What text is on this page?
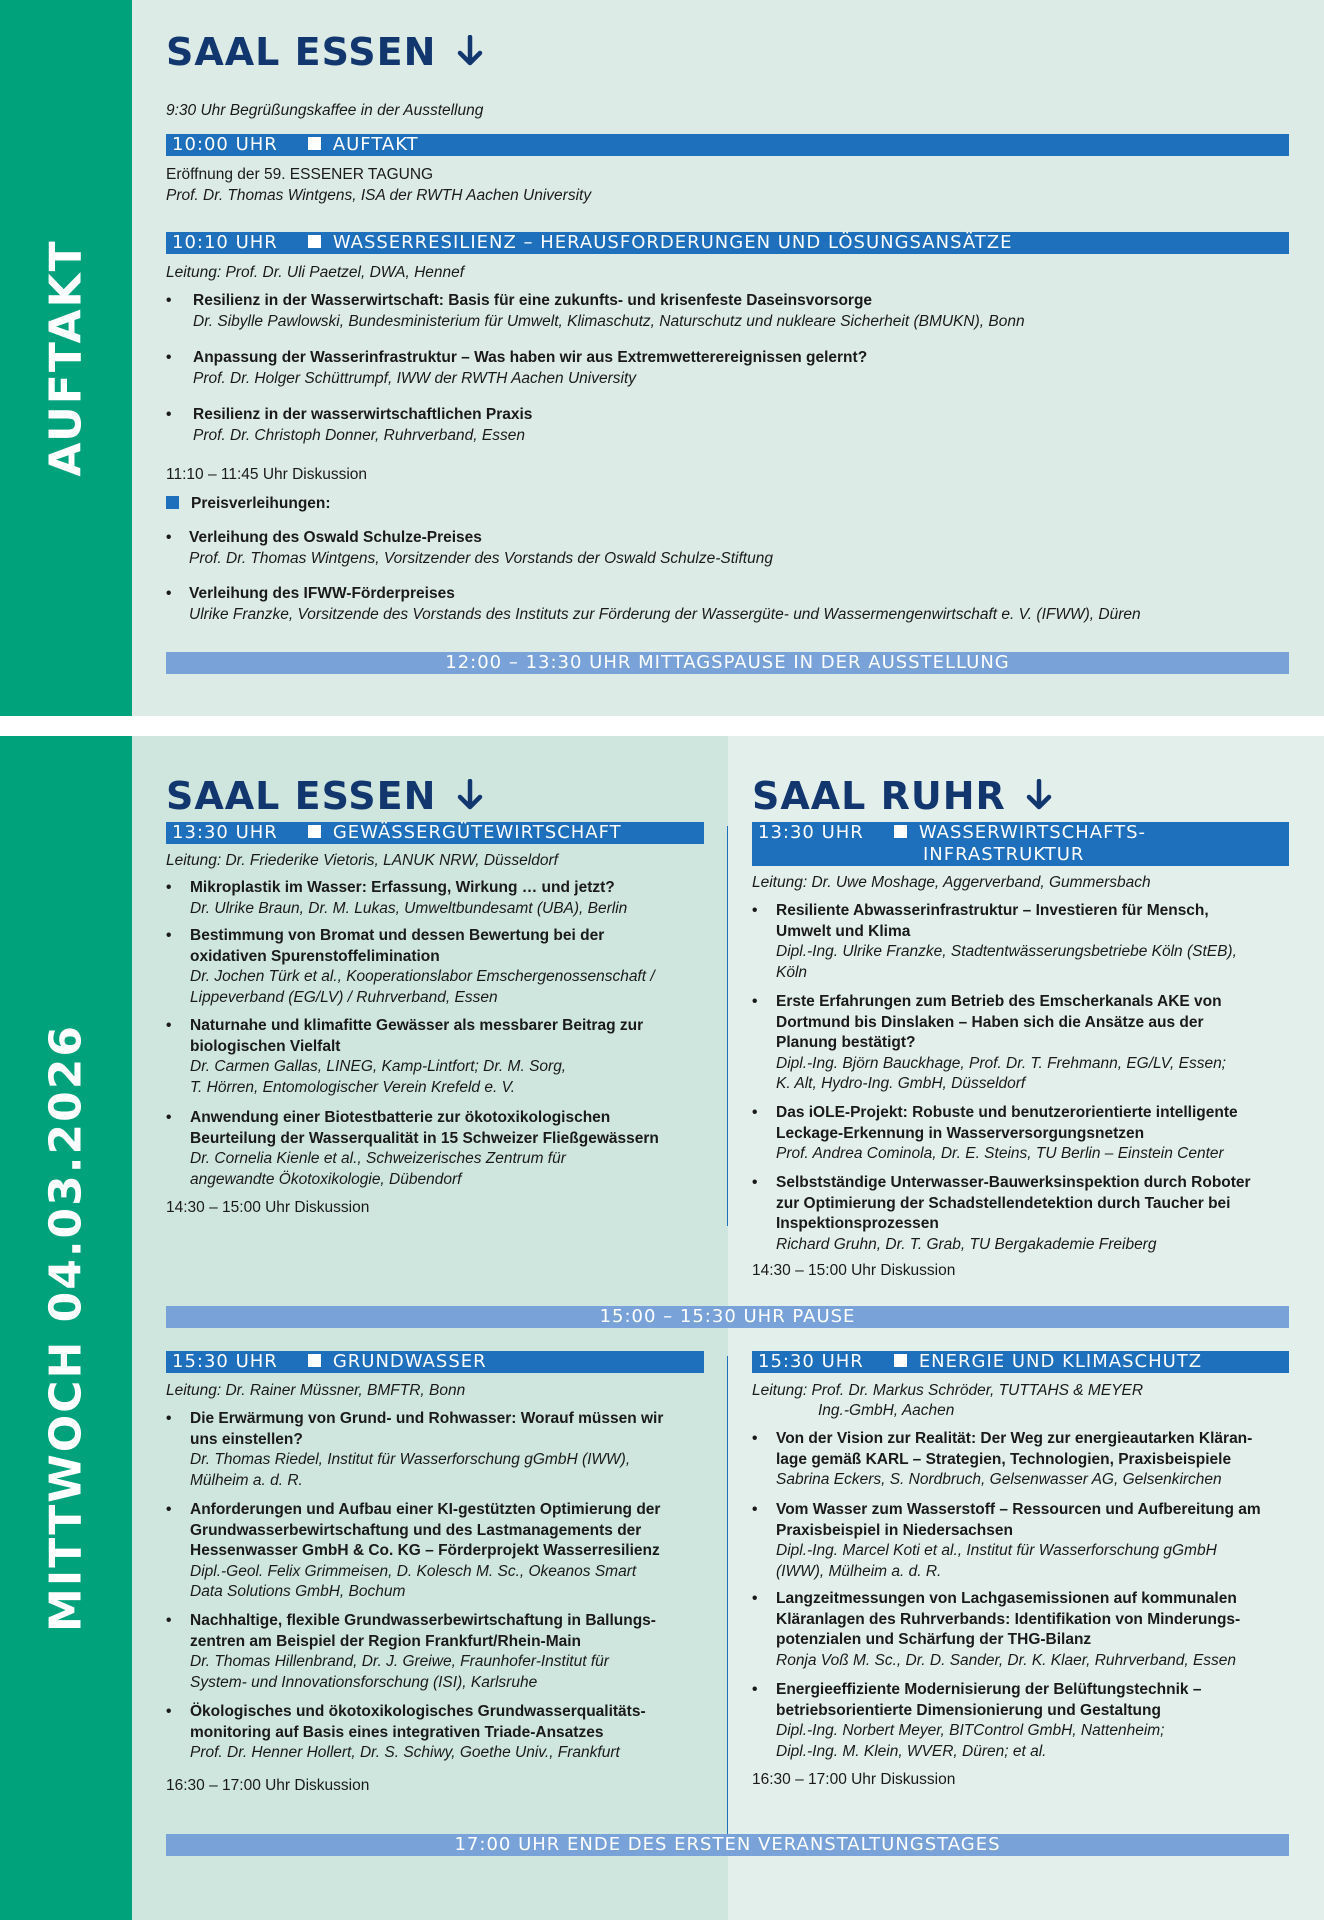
AUFTAKT
SAAL ESSEN
9:30 Uhr Begrüßungskaffee in der Ausstellung
10:00 UHR	AUFTAKT
Eröffnung der 59. ESSENER TAGUNG
Prof. Dr. Thomas Wintgens, ISA der RWTH Aachen University
10:10 UHR	WASSERRESILIENZ – HERAUSFORDERUNGEN UND LÖSUNGSANSÄTZE
Leitung: Prof. Dr. Uli Paetzel, DWA, Hennef
• Resilienz in der Wasserwirtschaft: Basis für eine zukunfts- und krisenfeste Daseinsvorsorge
Dr. Sibylle Pawlowski, Bundesministerium für Umwelt, Klimaschutz, Naturschutz und nukleare Sicherheit (BMUKN), Bonn
• Anpassung der Wasserinfrastruktur – Was haben wir aus Extremwetterereignissen gelernt?
Prof. Dr. Holger Schüttrumpf, IWW der RWTH Aachen University
• Resilienz in der wasserwirtschaftlichen Praxis
Prof. Dr. Christoph Donner, Ruhrverband, Essen
11:10 – 11:45 Uhr Diskussion
Preisverleihungen:
• Verleihung des Oswald Schulze-Preises
Prof. Dr. Thomas Wintgens, Vorsitzender des Vorstands der Oswald Schulze-Stiftung
• Verleihung des IFWW-Förderpreises
Ulrike Franzke, Vorsitzende des Vorstands des Instituts zur Förderung der Wassergüte- und Wassermengenwirtschaft e. V. (IFWW), Düren
12:00 – 13:30 UHR MITTAGSPAUSE IN DER AUSSTELLUNG
MITTWOCH 04.03.2026
SAAL ESSEN	SAAL RUHR
13:30 UHR	GEWÄSSERGÜTEWIRTSCHAFT
Leitung: Dr. Friederike Vietoris, LANUK NRW, Düsseldorf
• Mikroplastik im Wasser: Erfassung, Wirkung … und jetzt?
Dr. Ulrike Braun, Dr. M. Lukas, Umweltbundesamt (UBA), Berlin
• Bestimmung von Bromat und dessen Bewertung bei der
oxidativen Spurenstoffelimination
Dr. Jochen Türk et al., Kooperationslabor Emschergenossenschaft /
Lippeverband (EG/LV) / Ruhrverband, Essen
• Naturnahe und klimafitte Gewässer als messbarer Beitrag zur
biologischen Vielfalt
Dr. Carmen Gallas, LINEG, Kamp-Lintfort; Dr. M. Sorg,
T. Hörren, Entomologischer Verein Krefeld e. V.
• Anwendung einer Biotestbatterie zur ökotoxikologischen
Beurteilung der Wasserqualität in 15 Schweizer Fließgewässern
Dr. Cornelia Kienle et al., Schweizerisches Zentrum für
angewandte Ökotoxikologie, Dübendorf
14:30 – 15:00 Uhr Diskussion
13:30 UHR	WASSERWIRTSCHAFTS-
INFRASTRUKTUR
Leitung: Dr. Uwe Moshage, Aggerverband, Gummersbach
• Resiliente Abwasserinfrastruktur – Investieren für Mensch,
Umwelt und Klima
Dipl.-Ing. Ulrike Franzke, Stadtentwässerungsbetriebe Köln (StEB),
Köln
• Erste Erfahrungen zum Betrieb des Emscherkanals AKE von
Dortmund bis Dinslaken – Haben sich die Ansätze aus der
Planung bestätigt?
Dipl.-Ing. Björn Bauckhage, Prof. Dr. T. Frehmann, EG/LV, Essen;
K. Alt, Hydro-Ing. GmbH, Düsseldorf
• Das iOLE-Projekt: Robuste und benutzerorientierte intelligente
Leckage-Erkennung in Wasserversorgungsnetzen
Prof. Andrea Cominola, Dr. E. Steins, TU Berlin – Einstein Center
• Selbstständige Unterwasser-Bauwerksinspektion durch Roboter
zur Optimierung der Schadstellendetektion durch Taucher bei
Inspektionsprozessen
Richard Gruhn, Dr. T. Grab, TU Bergakademie Freiberg
14:30 – 15:00 Uhr Diskussion
15:00 – 15:30 UHR PAUSE
15:30 UHR	GRUNDWASSER
Leitung: Dr. Rainer Müssner, BMFTR, Bonn
• Die Erwärmung von Grund- und Rohwasser: Worauf müssen wir
uns einstellen?
Dr. Thomas Riedel, Institut für Wasserforschung gGmbH (IWW),
Mülheim a. d. R.
• Anforderungen und Aufbau einer KI-gestützten Optimierung der
Grundwasserbewirtschaftung und des Lastmanagements der
Hessenwasser GmbH & Co. KG – Förderprojekt Wasserresilienz
Dipl.-Geol. Felix Grimmeisen, D. Kolesch M. Sc., Okeanos Smart
Data Solutions GmbH, Bochum
• Nachhaltige, flexible Grundwasserbewirtschaftung in Ballungs-
zentren am Beispiel der Region Frankfurt/Rhein-Main
Dr. Thomas Hillenbrand, Dr. J. Greiwe, Fraunhofer-Institut für
System- und Innovationsforschung (ISI), Karlsruhe
• Ökologisches und ökotoxikologisches Grundwasserqualitäts-
monitoring auf Basis eines integrativen Triade-Ansatzes
Prof. Dr. Henner Hollert, Dr. S. Schiwy, Goethe Univ., Frankfurt
16:30 – 17:00 Uhr Diskussion
15:30 UHR	ENERGIE UND KLIMASCHUTZ
Leitung: Prof. Dr. Markus Schröder, TUTTAHS & MEYER
Ing.-GmbH, Aachen
• Von der Vision zur Realität: Der Weg zur energieautarken Kläran-
lage gemäß KARL – Strategien, Technologien, Praxisbeispiele
Sabrina Eckers, S. Nordbruch, Gelsenwasser AG, Gelsenkirchen
• Vom Wasser zum Wasserstoff – Ressourcen und Aufbereitung am
Praxisbeispiel in Niedersachsen
Dipl.-Ing. Marcel Koti et al., Institut für Wasserforschung gGmbH
(IWW), Mülheim a. d. R.
• Langzeitmessungen von Lachgasemissionen auf kommunalen
Kläranlagen des Ruhrverbands: Identifikation von Minderungs-
potenzialen und Schärfung der THG-Bilanz
Ronja Voß M. Sc., Dr. D. Sander, Dr. K. Klaer, Ruhrverband, Essen
• Energieeffiziente Modernisierung der Belüftungstechnik –
betriebsorientierte Dimensionierung und Gestaltung
Dipl.-Ing. Norbert Meyer, BITControl GmbH, Nattenheim;
Dipl.-Ing. M. Klein, WVER, Düren; et al.
16:30 – 17:00 Uhr Diskussion
17:00 UHR ENDE DES ERSTEN VERANSTALTUNGSTAGES
